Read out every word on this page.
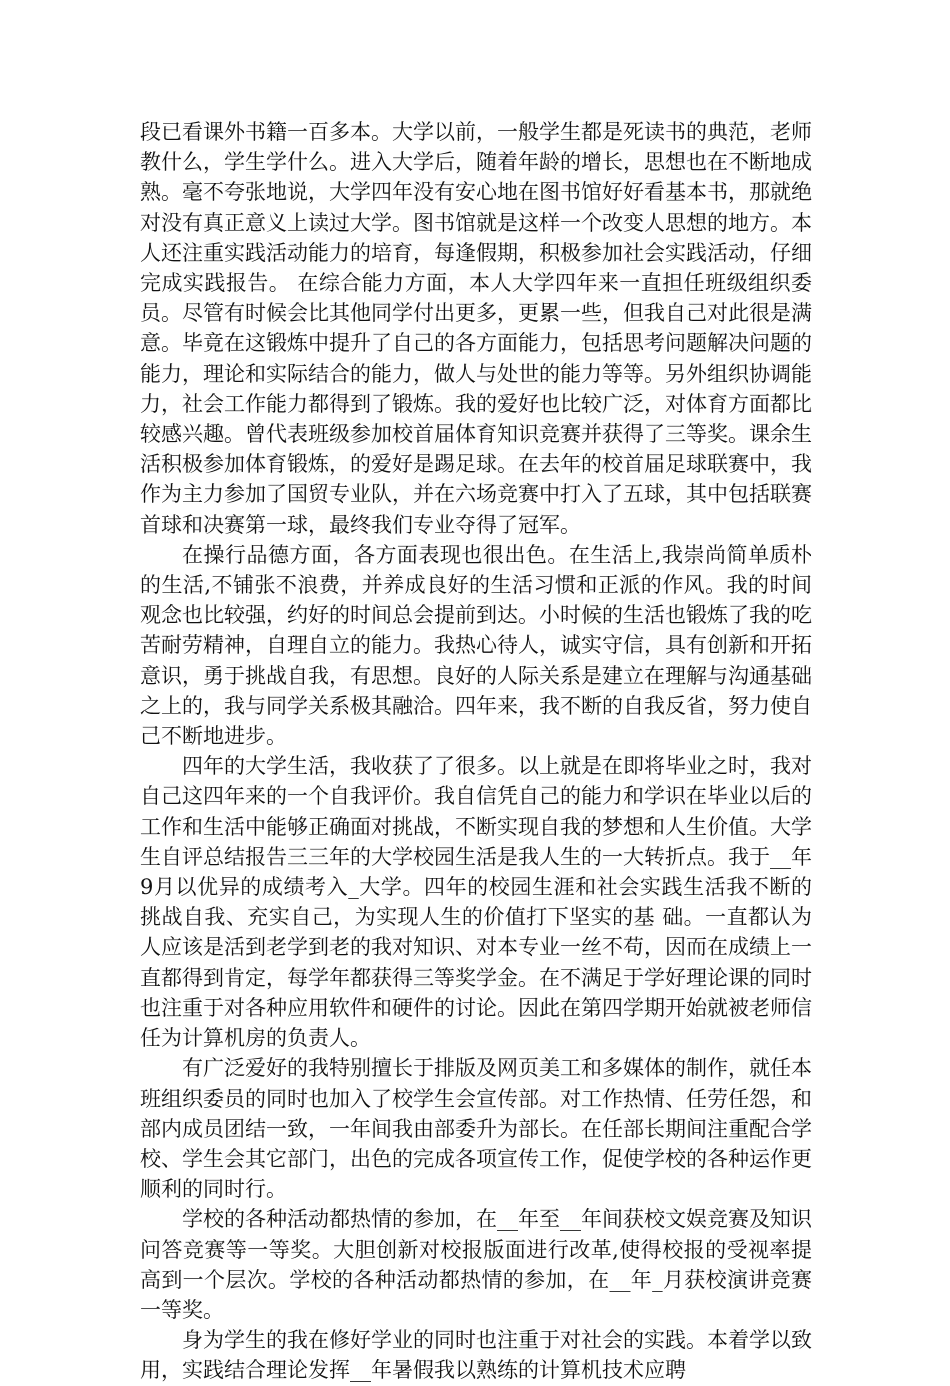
段已看课外书籍一百多本。大学以前，一般学生都是死读书的典范，老师教什么，学生学什么。进入大学后，随着年龄的增长，思想也在不断地成熟。毫不夸张地说，大学四年没有安心地在图书馆好好看基本书，那就绝对没有真正意义上读过大学。图书馆就是这样一个改变人思想的地方。本人还注重实践活动能力的培育，每逢假期，积极参加社会实践活动，仔细完成实践报告。 在综合能力方面，本人大学四年来一直担任班级组织委员。尽管有时候会比其他同学付出更多，更累一些，但我自己对此很是满意。毕竟在这锻炼中提升了自己的各方面能力，包括思考问题解决问题的能力，理论和实际结合的能力，做人与处世的能力等等。另外组织协调能力，社会工作能力都得到了锻炼。我的爱好也比较广泛，对体育方面都比较感兴趣。曾代表班级参加校首届体育知识竞赛并获得了三等奖。课余生活积极参加体育锻炼，的爱好是踢足球。在去年的校首届足球联赛中，我作为主力参加了国贸专业队，并在六场竞赛中打入了五球，其中包括联赛首球和决赛第一球，最终我们专业夺得了冠军。

在操行品德方面，各方面表现也很出色。在生活上,我崇尚简单质朴的生活,不铺张不浪费，并养成良好的生活习惯和正派的作风。我的时间观念也比较强，约好的时间总会提前到达。小时候的生活也锻炼了我的吃苦耐劳精神，自理自立的能力。我热心待人，诚实守信，具有创新和开拓意识，勇于挑战自我，有思想。良好的人际关系是建立在理解与沟通基础之上的，我与同学关系极其融洽。四年来，我不断的自我反省，努力使自己不断地进步。

四年的大学生活，我收获了了很多。以上就是在即将毕业之时，我对自己这四年来的一个自我评价。我自信凭自己的能力和学识在毕业以后的工作和生活中能够正确面对挑战，不断实现自我的梦想和人生价值。大学生自评总结报告三三年的大学校园生活是我人生的一大转折点。我于__年9月以优异的成绩考入_大学。四年的校园生涯和社会实践生活我不断的挑战自我、充实自己，为实现人生的价值打下坚实的基 础。一直都认为人应该是活到老学到老的我对知识、对本专业一丝不苟，因而在成绩上一直都得到肯定，每学年都获得三等奖学金。在不满足于学好理论课的同时也注重于对各种应用软件和硬件的讨论。因此在第四学期开始就被老师信任为计算机房的负责人。

有广泛爱好的我特别擅长于排版及网页美工和多媒体的制作，就任本班组织委员的同时也加入了校学生会宣传部。对工作热情、任劳任怨，和部内成员团结一致，一年间我由部委升为部长。在任部长期间注重配合学校、学生会其它部门，出色的完成各项宣传工作，促使学校的各种运作更顺利的同时行。

学校的各种活动都热情的参加，在__年至__年间获校文娱竞赛及知识问答竞赛等一等奖。大胆创新对校报版面进行改革,使得校报的受视率提高到一个层次。学校的各种活动都热情的参加，在__年_月获校演讲竞赛一等奖。

身为学生的我在修好学业的同时也注重于对社会的实践。本着学以致用，实践结合理论发挥__年暑假我以熟练的计算机技术应聘
